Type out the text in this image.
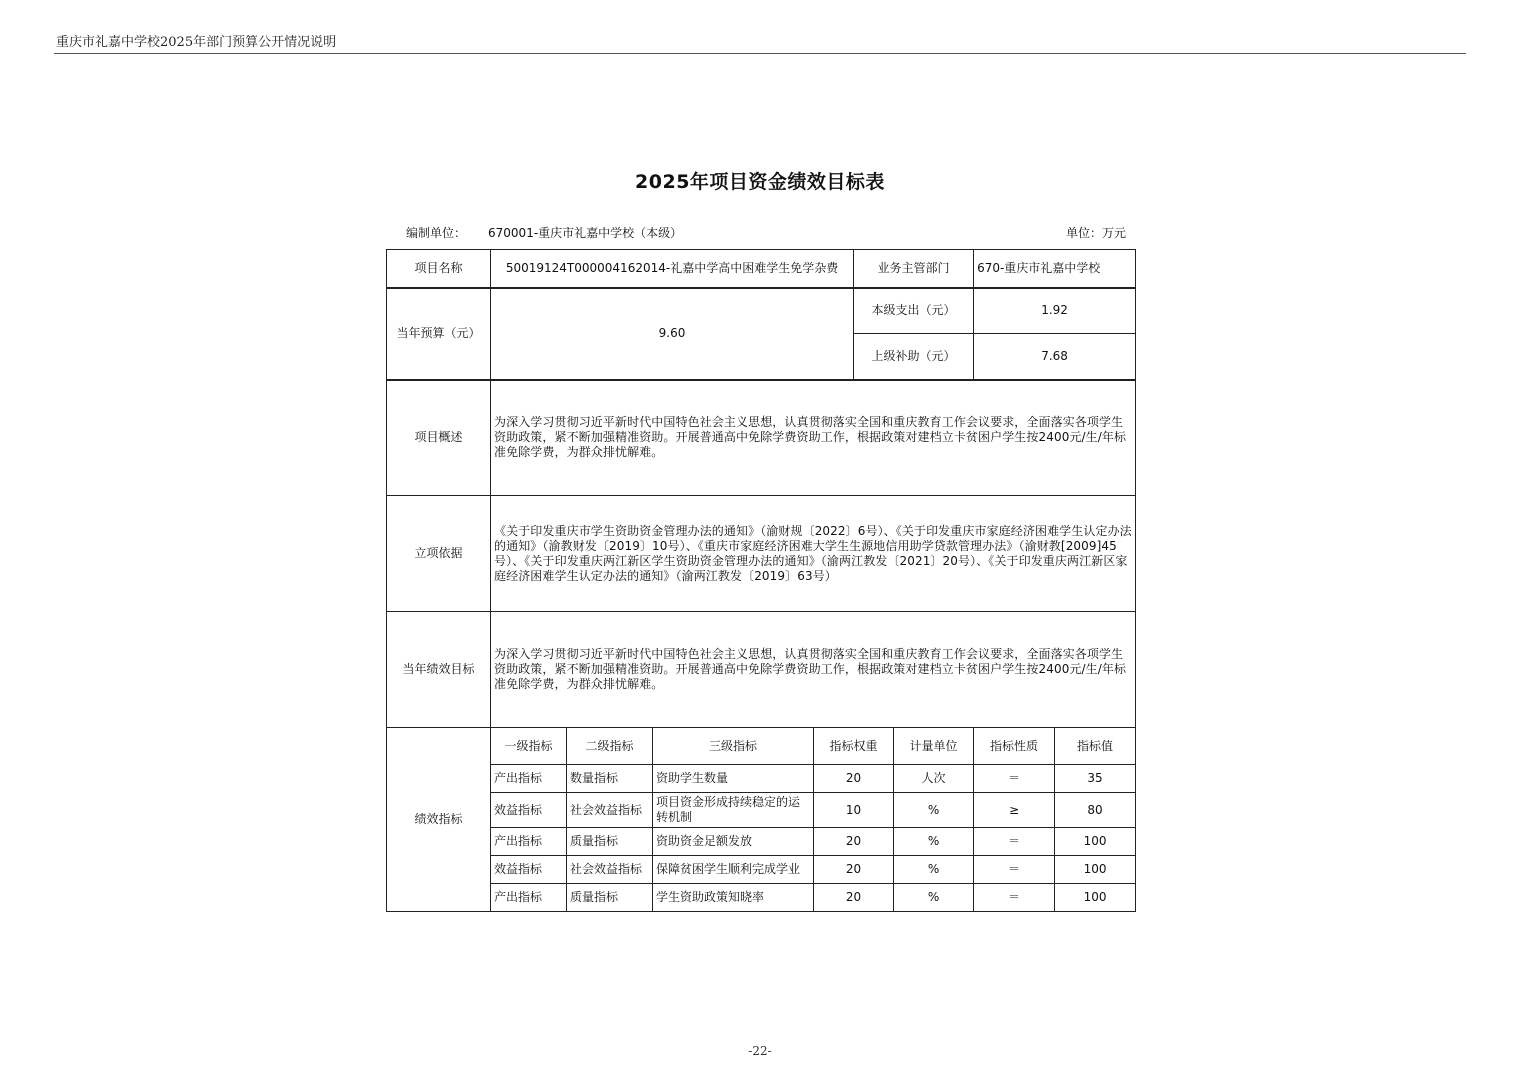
重庆市礼嘉中学校2025年部门预算公开情况说明
2025年项目资金绩效目标表
编制单位： 670001-重庆市礼嘉中学校（本级）	单位：万元
项目名称	50019124T000004162014-礼嘉中学高中困难学生免学杂费				业务主管部门		670-重庆市礼嘉中学校	
当年预算（元）	9.60				本级支出（元）		1.92	
					上级补助（元）		7.68	
项目概述	为深入学习贯彻习近平新时代中国特色社会主义思想，认真贯彻落实全国和重庆教育工作会议要求，全面落实各项学生资助政策，紧不断加强精准资助。开展普通高中免除学费资助工作，根据政策对建档立卡贫困户学生按2400元/生/年标准免除学费，为群众排忧解难。							
立项依据	《关于印发重庆市学生资助资金管理办法的通知》（渝财规〔2022〕6号）、《关于印发重庆市家庭经济困难学生认定办法的通知》（渝教财发〔2019〕10号）、《重庆市家庭经济困难大学生生源地信用助学贷款管理办法》（渝财教[2009]45号）、《关于印发重庆两江新区学生资助资金管理办法的通知》（渝两江教发〔2021〕20号）、《关于印发重庆两江新区家庭经济困难学生认定办法的通知》（渝两江教发〔2019〕63号）							
当年绩效目标	为深入学习贯彻习近平新时代中国特色社会主义思想，认真贯彻落实全国和重庆教育工作会议要求，全面落实各项学生资助政策，紧不断加强精准资助。开展普通高中免除学费资助工作，根据政策对建档立卡贫困户学生按2400元/生/年标准免除学费，为群众排忧解难。							
绩效指标	一级指标	二级指标	三级指标	指标权重		计量单位	指标性质	指标值
	产出指标	数量指标	资助学生数量	20		人次	＝	35
	效益指标	社会效益指标	项目资金形成持续稳定的运转机制	10		%	≥	80
	产出指标	质量指标	资助资金足额发放	20		%	＝	100
	效益指标	社会效益指标	保障贫困学生顺利完成学业	20		%	＝	100
	产出指标	质量指标	学生资助政策知晓率	20		%	＝	100
-22-
